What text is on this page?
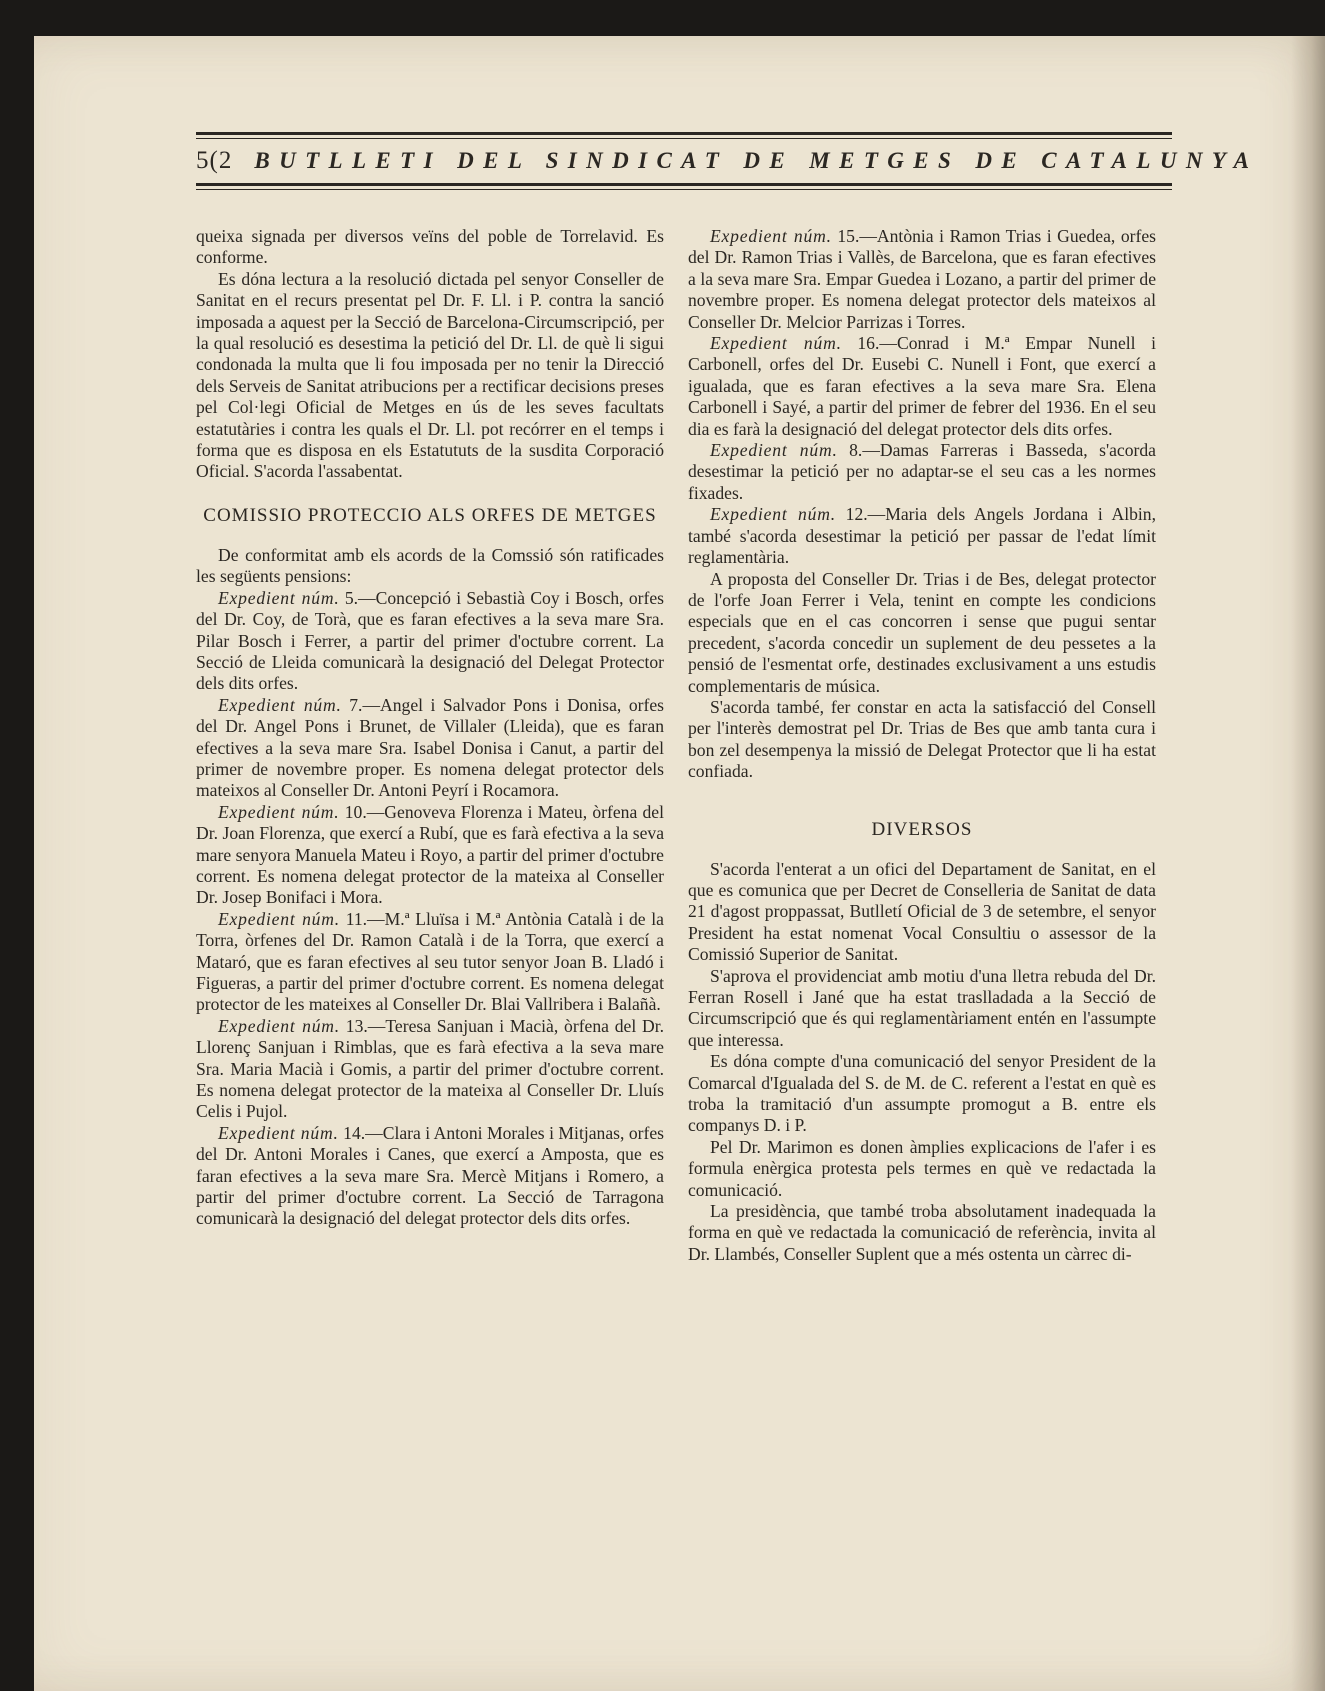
5(2 BUTLLETI DEL SINDICAT DE METGES DE CATALUNYA

queixa signada per diversos veïns del poble de Torrelavid. Es conforme.

Es dóna lectura a la resolució dictada pel senyor Conseller de Sanitat en el recurs presentat pel Dr. F. Ll. i P. contra la sanció imposada a aquest per la Secció de Barcelona-Circumscripció, per la qual resolució es desestima la petició del Dr. Ll. de què li sigui condonada la multa que li fou imposada per no tenir la Direcció dels Serveis de Sanitat atribucions per a rectificar decisions preses pel Col·legi Oficial de Metges en ús de les seves facultats estatutàries i contra les quals el Dr. Ll. pot recórrer en el temps i forma que es disposa en els Estatututs de la susdita Corporació Oficial. S'acorda l'assabentat.

COMISSIO PROTECCIO ALS ORFES DE METGES

De conformitat amb els acords de la Comssió són ratificades les següents pensions:

Expedient núm. 5.—Concepció i Sebastià Coy i Bosch, orfes del Dr. Coy, de Torà, que es faran efectives a la seva mare Sra. Pilar Bosch i Ferrer, a partir del primer d'octubre corrent. La Secció de Lleida comunicarà la designació del Delegat Protector dels dits orfes.

Expedient núm. 7.—Angel i Salvador Pons i Donisa, orfes del Dr. Angel Pons i Brunet, de Villaler (Lleida), que es faran efectives a la seva mare Sra. Isabel Donisa i Canut, a partir del primer de novembre proper. Es nomena delegat protector dels mateixos al Conseller Dr. Antoni Peyrí i Rocamora.

Expedient núm. 10.—Genoveva Florenza i Mateu, òrfena del Dr. Joan Florenza, que exercí a Rubí, que es farà efectiva a la seva mare senyora Manuela Mateu i Royo, a partir del primer d'octubre corrent. Es nomena delegat protector de la mateixa al Conseller Dr. Josep Bonifaci i Mora.

Expedient núm. 11.—M.ª Lluïsa i M.ª Antònia Català i de la Torra, òrfenes del Dr. Ramon Català i de la Torra, que exercí a Mataró, que es faran efectives al seu tutor senyor Joan B. Lladó i Figueras, a partir del primer d'octubre corrent. Es nomena delegat protector de les mateixes al Conseller Dr. Blai Vallribera i Balañà.

Expedient núm. 13.—Teresa Sanjuan i Macià, òrfena del Dr. Llorenç Sanjuan i Rimblas, que es farà efectiva a la seva mare Sra. Maria Macià i Gomis, a partir del primer d'octubre corrent. Es nomena delegat protector de la mateixa al Conseller Dr. Lluís Celis i Pujol.

Expedient núm. 14.—Clara i Antoni Morales i Mitjanas, orfes del Dr. Antoni Morales i Canes, que exercí a Amposta, que es faran efectives a la seva mare Sra. Mercè Mitjans i Romero, a partir del primer d'octubre corrent. La Secció de Tarragona comunicarà la designació del delegat protector dels dits orfes.

Expedient núm. 15.—Antònia i Ramon Trias i Guedea, orfes del Dr. Ramon Trias i Vallès, de Barcelona, que es faran efectives a la seva mare Sra. Empar Guedea i Lozano, a partir del primer de novembre proper. Es nomena delegat protector dels mateixos al Conseller Dr. Melcior Parrizas i Torres.

Expedient núm. 16.—Conrad i M.ª Empar Nunell i Carbonell, orfes del Dr. Eusebi C. Nunell i Font, que exercí a igualada, que es faran efectives a la seva mare Sra. Elena Carbonell i Sayé, a partir del primer de febrer del 1936. En el seu dia es farà la designació del delegat protector dels dits orfes.

Expedient núm. 8.—Damas Farreras i Basseda, s'acorda desestimar la petició per no adaptar-se el seu cas a les normes fixades.

Expedient núm. 12.—Maria dels Angels Jordana i Albin, també s'acorda desestimar la petició per passar de l'edat límit reglamentària.

A proposta del Conseller Dr. Trias i de Bes, delegat protector de l'orfe Joan Ferrer i Vela, tenint en compte les condicions especials que en el cas concorren i sense que pugui sentar precedent, s'acorda concedir un suplement de deu pessetes a la pensió de l'esmentat orfe, destinades exclusivament a uns estudis complementaris de música.

S'acorda també, fer constar en acta la satisfacció del Consell per l'interès demostrat pel Dr. Trias de Bes que amb tanta cura i bon zel desempenya la missió de Delegat Protector que li ha estat confiada.

DIVERSOS

S'acorda l'enterat a un ofici del Departament de Sanitat, en el que es comunica que per Decret de Conselleria de Sanitat de data 21 d'agost proppassat, Butlletí Oficial de 3 de setembre, el senyor President ha estat nomenat Vocal Consultiu o assessor de la Comissió Superior de Sanitat.

S'aprova el providenciat amb motiu d'una lletra rebuda del Dr. Ferran Rosell i Jané que ha estat traslladada a la Secció de Circumscripció que és qui reglamentàriament entén en l'assumpte que interessa.

Es dóna compte d'una comunicació del senyor President de la Comarcal d'Igualada del S. de M. de C. referent a l'estat en què es troba la tramitació d'un assumpte promogut a B. entre els companys D. i P.

Pel Dr. Marimon es donen àmplies explicacions de l'afer i es formula enèrgica protesta pels termes en què ve redactada la comunicació.

La presidència, que també troba absolutament inadequada la forma en què ve redactada la comunicació de referència, invita al Dr. Llambés, Conseller Suplent que a més ostenta un càrrec di-
